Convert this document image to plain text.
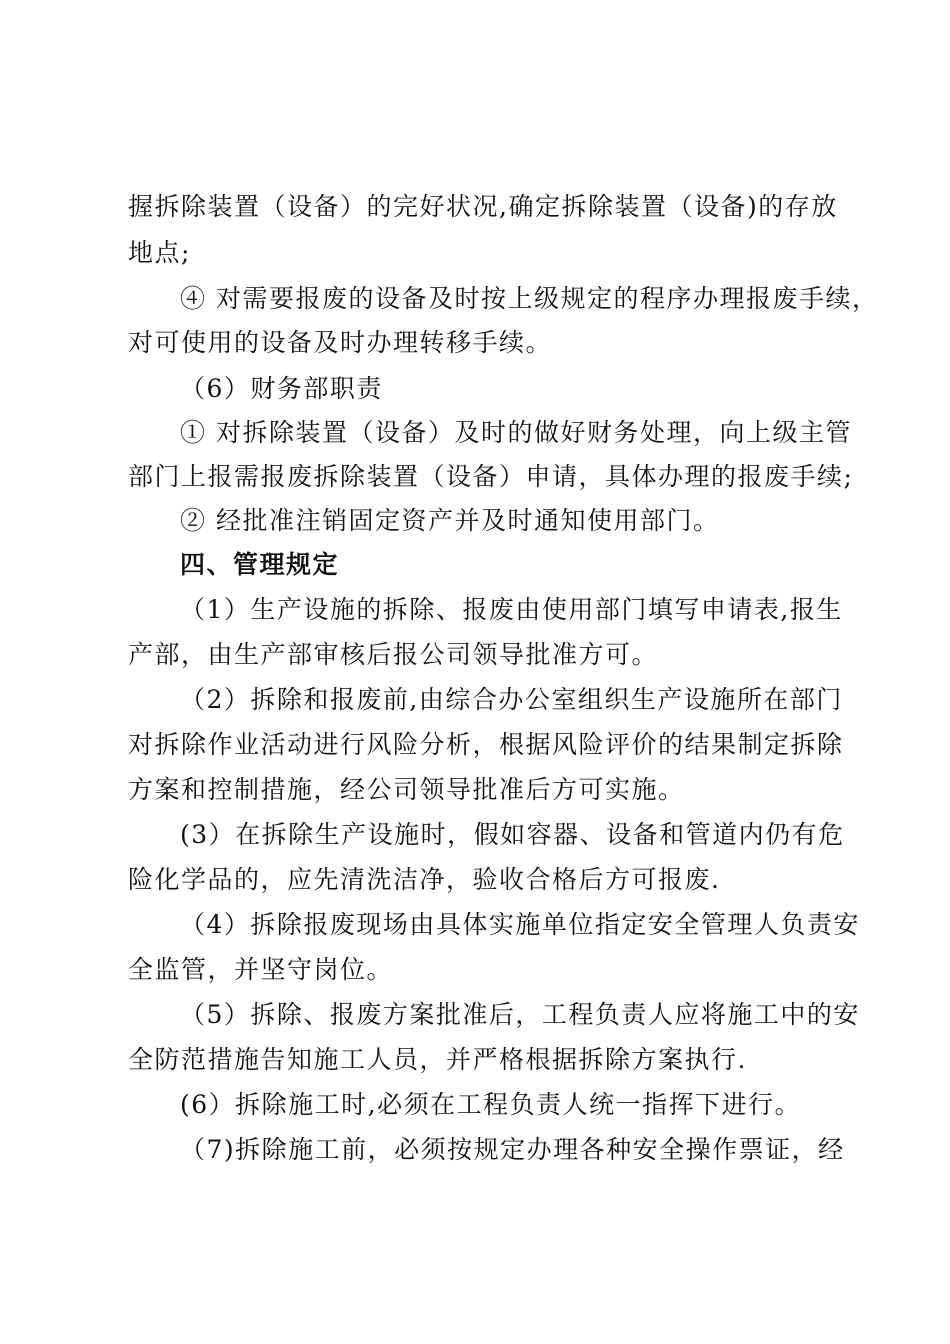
握拆除装置（设备）的完好状况,确定拆除装置（设备)的存放
地点;
④ 对需要报废的设备及时按上级规定的程序办理报废手续，
对可使用的设备及时办理转移手续。
（6）财务部职责
① 对拆除装置（设备）及时的做好财务处理，向上级主管
部门上报需报废拆除装置（设备）申请，具体办理的报废手续;
② 经批准注销固定资产并及时通知使用部门。
四、管理规定
（1）生产设施的拆除、报废由使用部门填写申请表,报生
产部，由生产部审核后报公司领导批准方可。
（2）拆除和报废前,由综合办公室组织生产设施所在部门
对拆除作业活动进行风险分析，根据风险评价的结果制定拆除
方案和控制措施，经公司领导批准后方可实施。
(3）在拆除生产设施时，假如容器、设备和管道内仍有危
险化学品的，应先清洗洁净，验收合格后方可报废.
（4）拆除报废现场由具体实施单位指定安全管理人负责安
全监管，并坚守岗位。
（5）拆除、报废方案批准后，工程负责人应将施工中的安
全防范措施告知施工人员，并严格根据拆除方案执行.
(6）拆除施工时,必须在工程负责人统一指挥下进行。
（7)拆除施工前，必须按规定办理各种安全操作票证，经
